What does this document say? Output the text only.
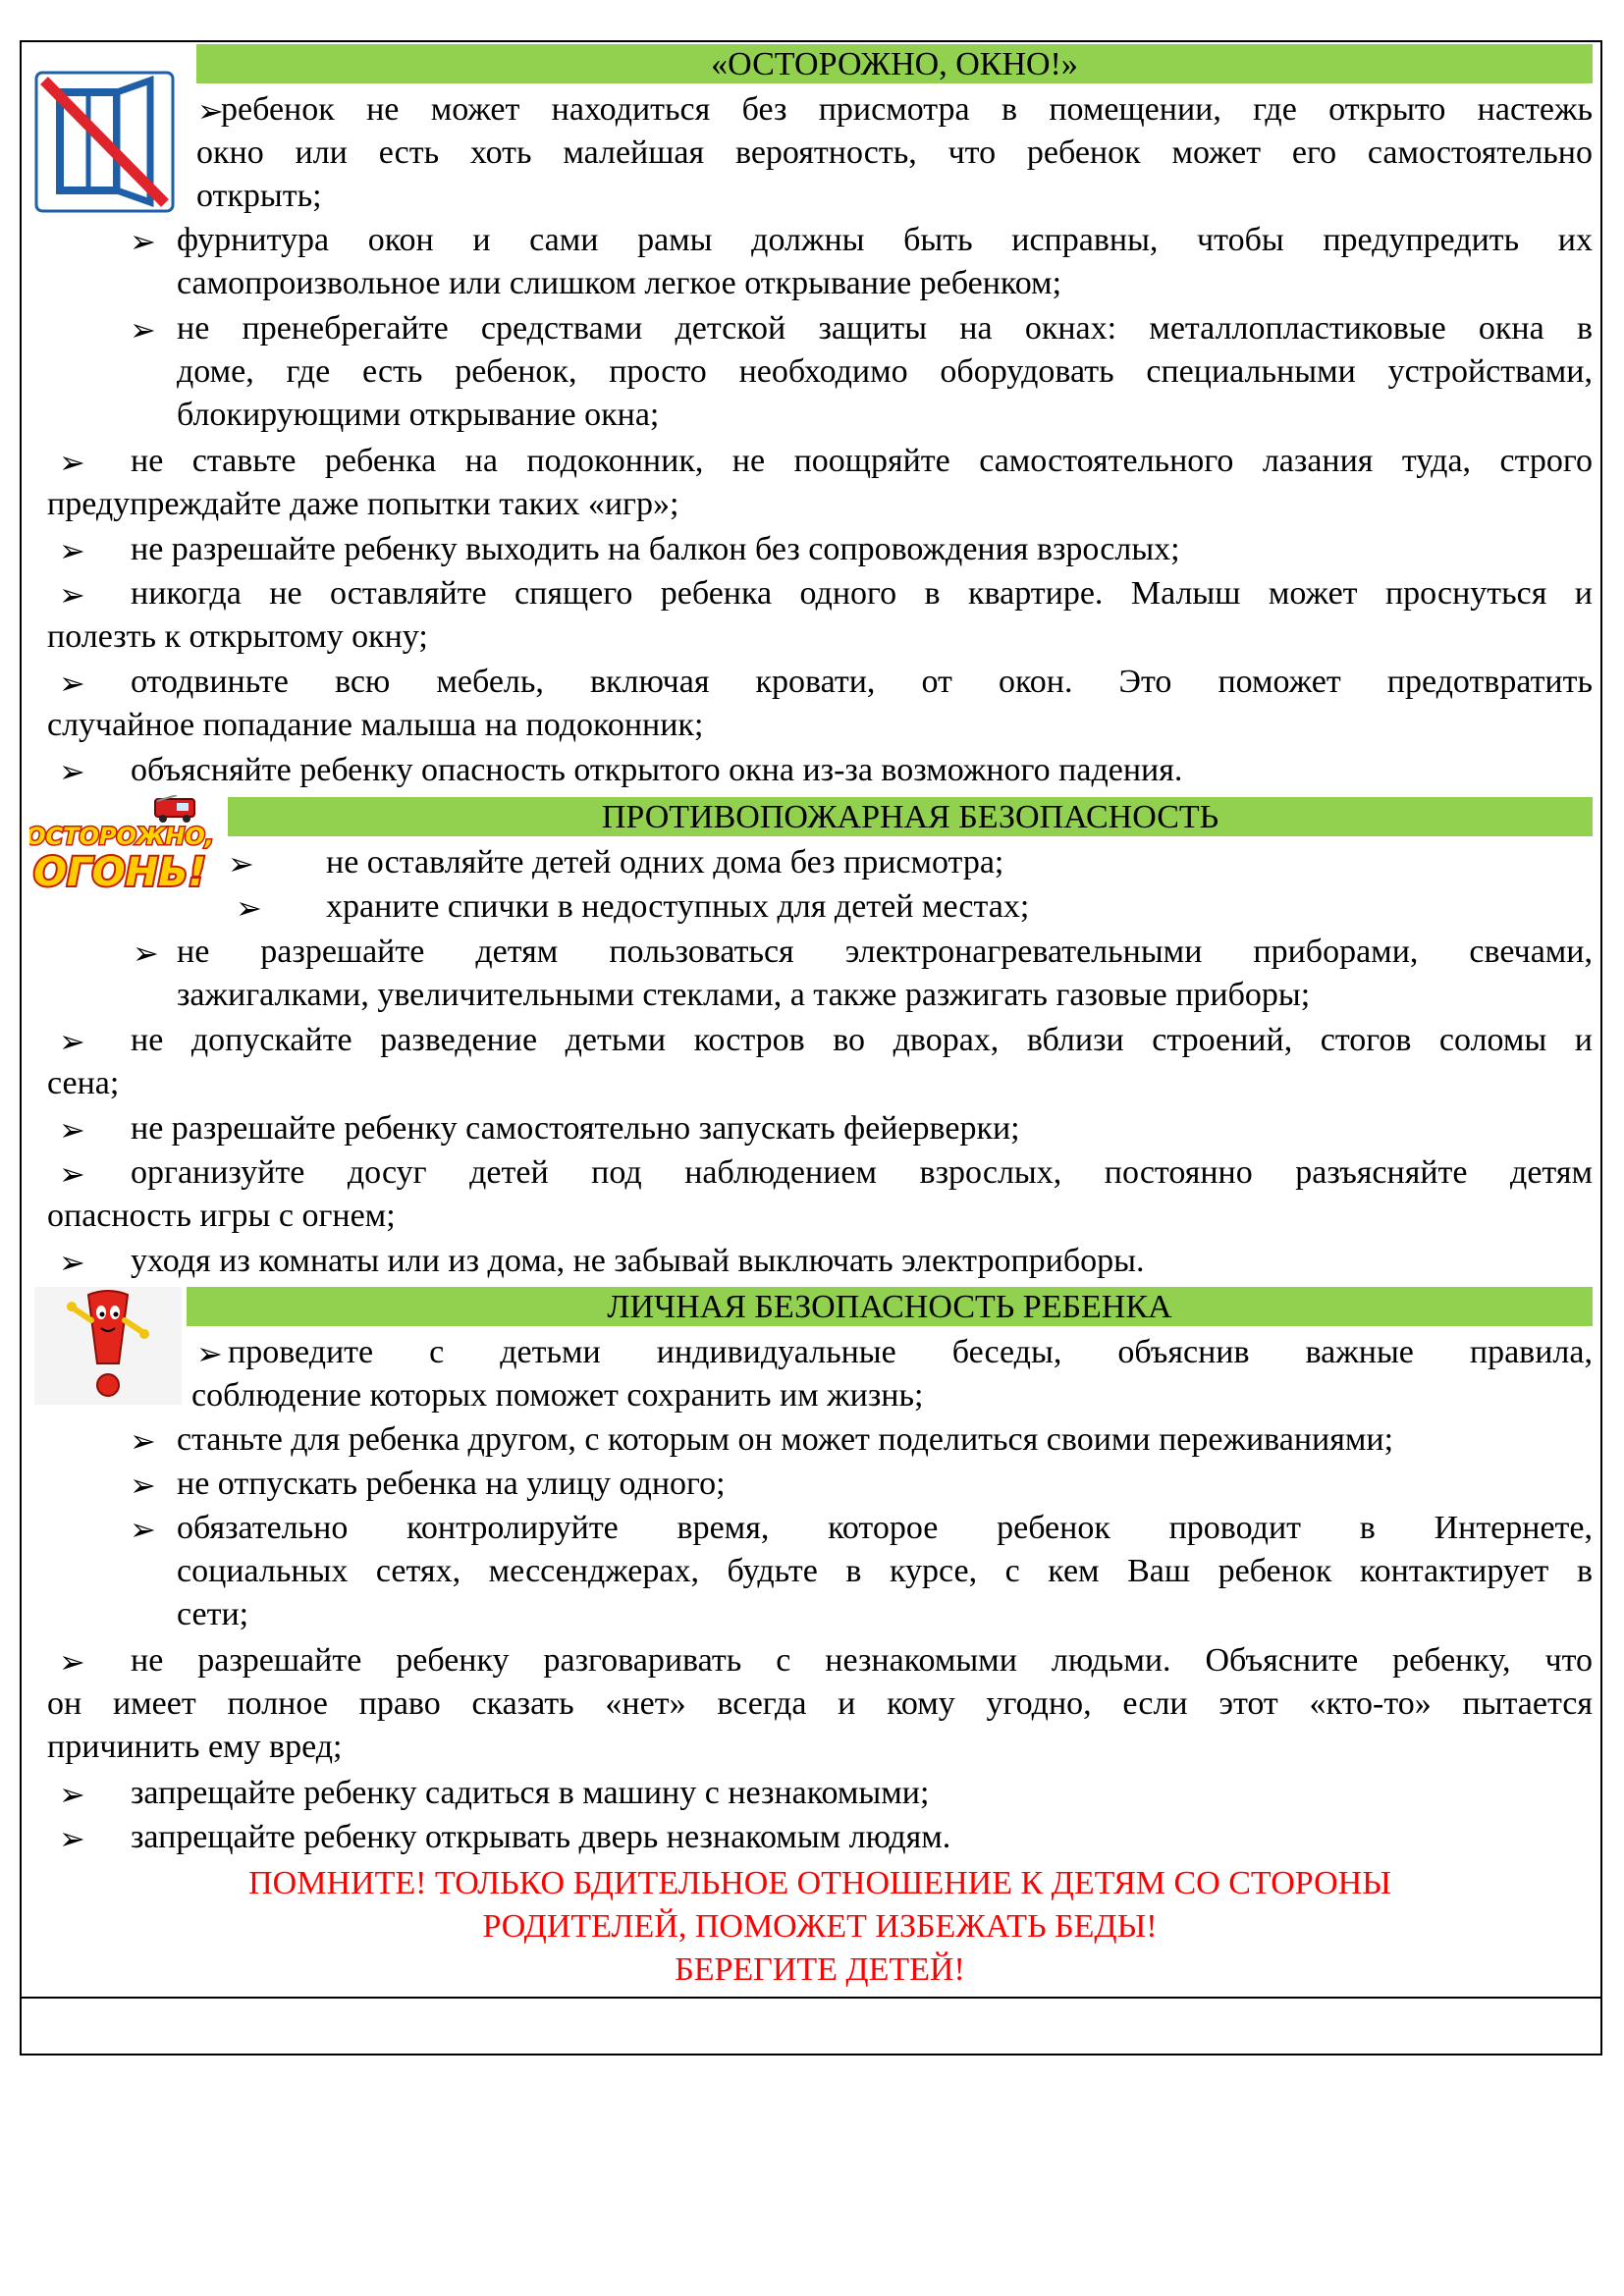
«ОСТОРОЖНО, ОКНО!»
➢
ребенок не может находиться без присмотра в помещении, где открыто настежь
окно или есть хоть малейшая вероятность, что ребенок может его самостоятельно
открыть;
➢ фурнитура окон и сами рамы должны быть исправны, чтобы предупредить их
самопроизвольное или слишком легкое открывание ребенком;
➢ не пренебрегайте средствами детской защиты на окнах: металлопластиковые окна в
доме, где есть ребенок, просто необходимо оборудовать специальными устройствами,
блокирующими открывание окна;
➢ не ставьте ребенка на подоконник, не поощряйте самостоятельного лазания туда, строго
предупреждайте даже попытки таких «игр»;
➢ не разрешайте ребенку выходить на балкон без сопровождения взрослых;
➢ никогда не оставляйте спящего ребенка одного в квартире. Малыш может проснуться и
полезть к открытому окну;
➢ отодвиньте всю мебель, включая кровати, от окон. Это поможет предотвратить
случайное попадание малыша на подоконник;
➢ объясняйте ребенку опасность открытого окна из-за возможного падения.
ОСТОРОЖНО,
ОГОНЬ!
ПРОТИВОПОЖАРНАЯ БЕЗОПАСНОСТЬ
➢ не оставляйте детей одних дома без присмотра;
➢ храните спички в недоступных для детей местах;
➢ не разрешайте детям пользоваться электронагревательными приборами, свечами,
зажигалками, увеличительными стеклами, а также разжигать газовые приборы;
➢ не допускайте разведение детьми костров во дворах, вблизи строений, стогов соломы и
сена;
➢ не разрешайте ребенку самостоятельно запускать фейерверки;
➢ организуйте досуг детей под наблюдением взрослых, постоянно разъясняйте детям
опасность игры с огнем;
➢ уходя из комнаты или из дома, не забывай выключать электроприборы.
ЛИЧНАЯ БЕЗОПАСНОСТЬ РЕБЕНКА
➢ проведите с детьми индивидуальные беседы, объяснив важные правила,
соблюдение которых поможет сохранить им жизнь;
➢ станьте для ребенка другом, с которым он может поделиться своими переживаниями;
➢ не отпускать ребенка на улицу одного;
➢ обязательно контролируйте время, которое ребенок проводит в Интернете,
социальных сетях, мессенджерах, будьте в курсе, с кем Ваш ребенок контактирует в
сети;
➢ не разрешайте ребенку разговаривать с незнакомыми людьми. Объясните ребенку, что
он имеет полное право сказать «нет» всегда и кому угодно, если этот «кто-то» пытается
причинить ему вред;
➢ запрещайте ребенку садиться в машину с незнакомыми;
➢ запрещайте ребенку открывать дверь незнакомым людям.
ПОМНИТЕ! ТОЛЬКО БДИТЕЛЬНОЕ ОТНОШЕНИЕ К ДЕТЯМ СО СТОРОНЫ
РОДИТЕЛЕЙ, ПОМОЖЕТ ИЗБЕЖАТЬ БЕДЫ!
БЕРЕГИТЕ ДЕТЕЙ!
